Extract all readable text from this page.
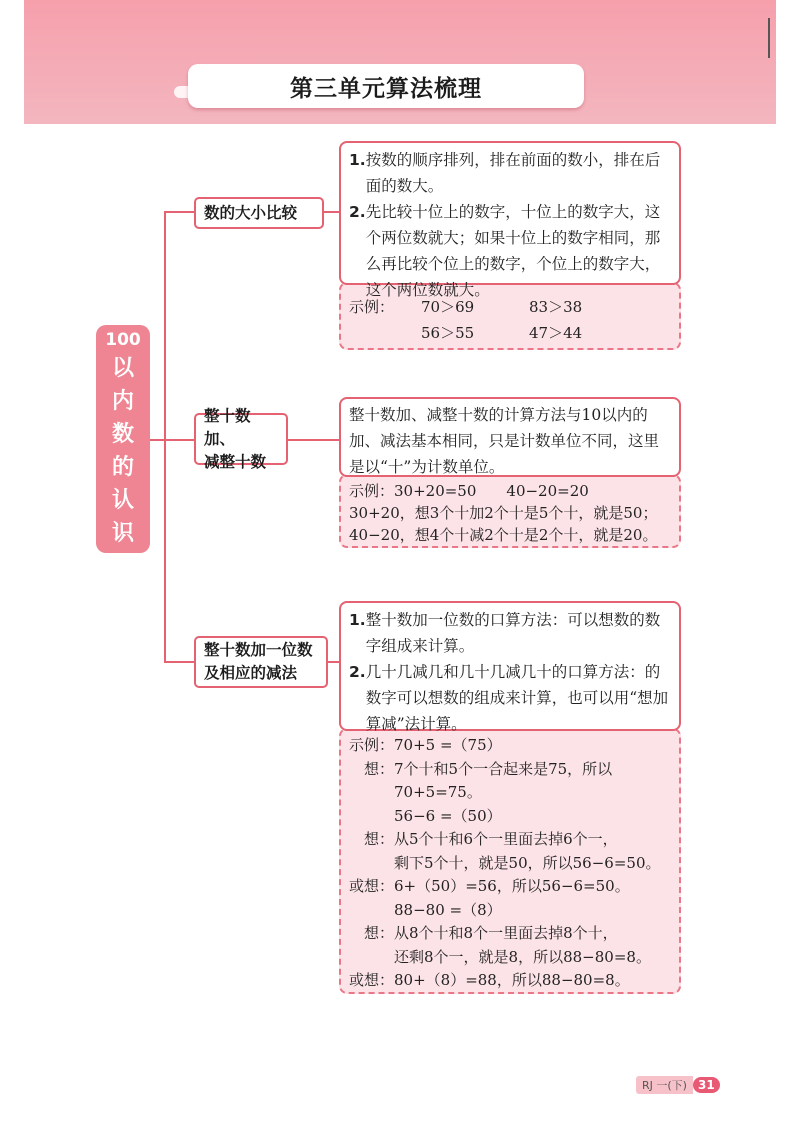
第三单元算法梳理
100
以
内
数
的
认
识
数的大小比较
1. 按数的顺序排列，排在前面的数小，排在后面的数大。
2. 先比较十位上的数字，十位上的数字大，这个两位数就大；如果十位上的数字相同，那么再比较个位上的数字，个位上的数字大，这个两位数就大。
示例：	70＞69	83＞38
56＞55	47＞44
整十数加、
减整十数
整十数加、减整十数的计算方法与10以内的加、减法基本相同，只是计数单位不同，这里是以“十”为计数单位。
示例：30+20=50　　40−20=20
30+20，想3个十加2个十是5个十，就是50；
40−20，想4个十减2个十是2个十，就是20。
整十数加一位数
及相应的减法
1. 整十数加一位数的口算方法：可以想数的数字组成来计算。
2. 几十几减几和几十几减几十的口算方法：的数字可以想数的组成来计算，也可以用“想加算减”法计算。
示例：70+5 =（75）
　想：7个十和5个一合起来是75，所以
　　　70+5=75。
　　　56−6 =（50）
　想：从5个十和6个一里面去掉6个一，
　　　剩下5个十，就是50，所以56−6=50。
或想：6+（50）=56，所以56−6=50。
　　　88−80 =（8）
　想：从8个十和8个一里面去掉8个十，
　　　还剩8个一，就是8，所以88−80=8。
或想：80+（8）=88，所以88−80=8。
RJ 一(下) 31
